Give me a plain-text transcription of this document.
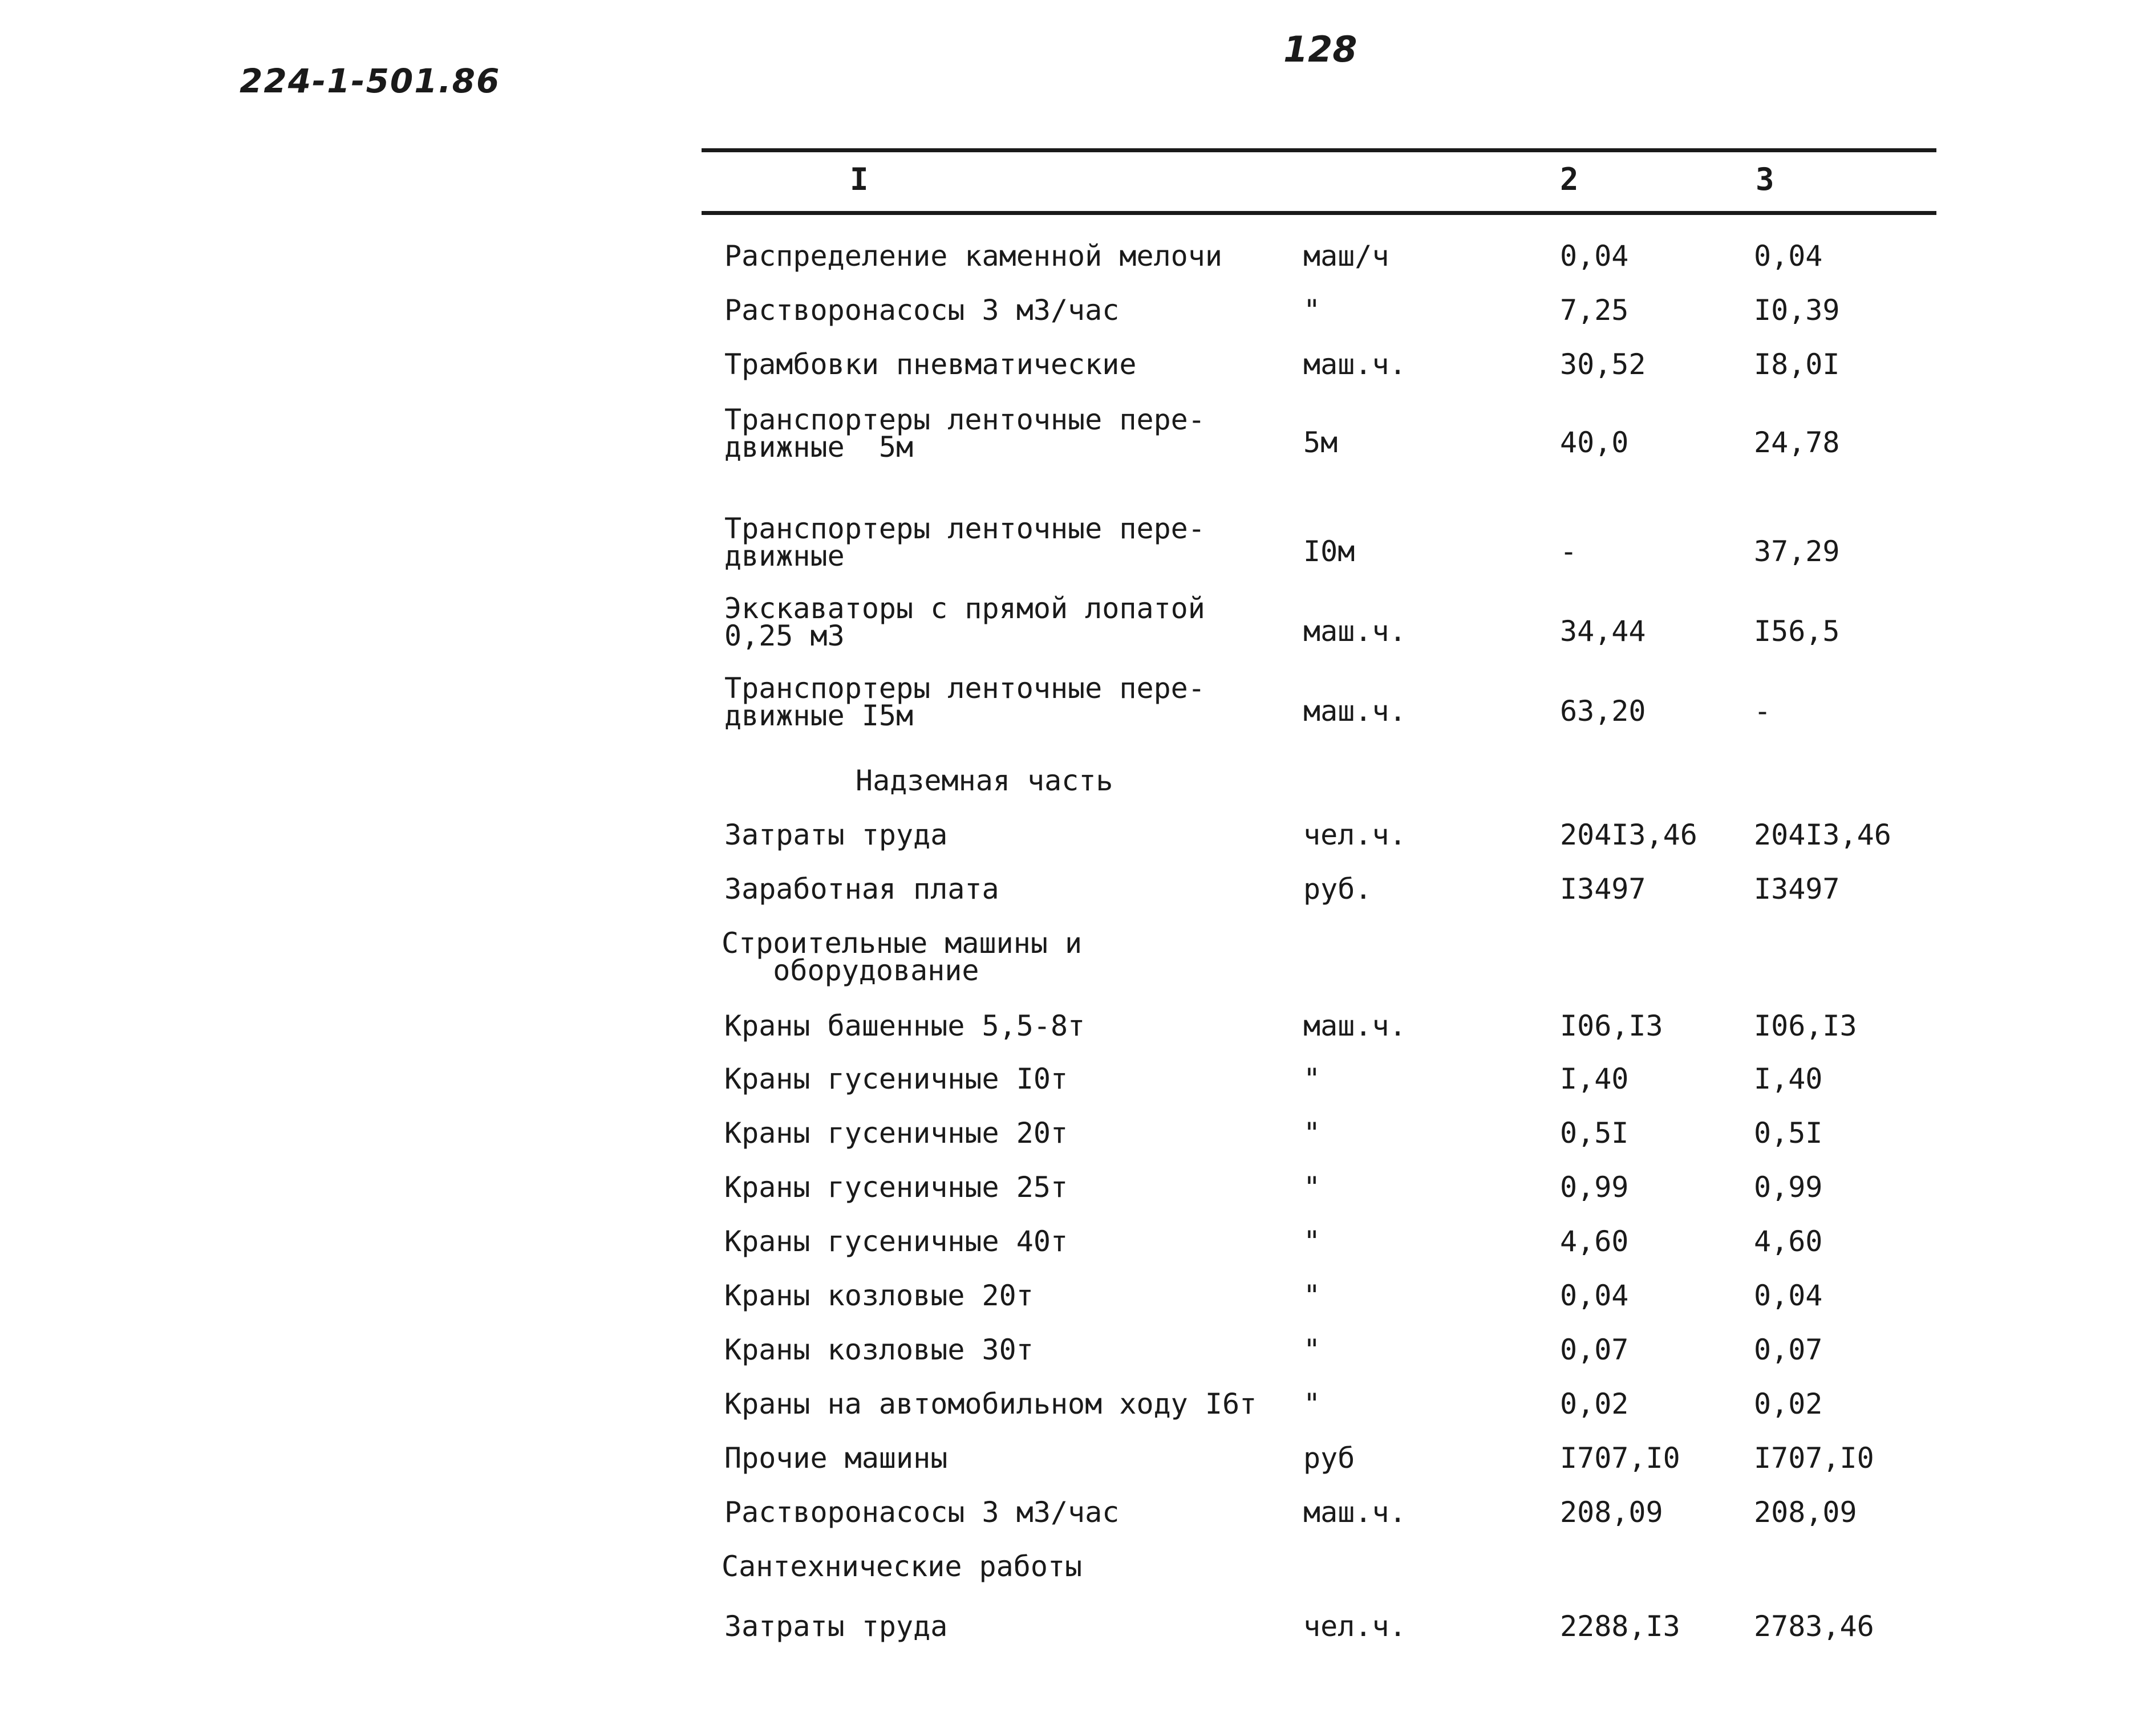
224-1-501.86
128
I	2	3
Распределение каменной мелочи	маш/ч	0,04	0,04
Растворонасосы 3 м3/час	"	7,25	I0,39
Трамбовки пневматические	маш.ч.	30,52	I8,0I
Транспортеры ленточные пере-
движные  5м	5м	40,0	24,78
Транспортеры ленточные пере-
движные	I0м	-	37,29
Экскаваторы с прямой лопатой
0,25 м3	маш.ч.	34,44	I56,5
Транспортеры ленточные пере-
движные I5м	маш.ч.	63,20	-
Надземная часть
Затраты труда	чел.ч.	204I3,46 204I3,46
Заработная плата	руб.	I3497	I3497
Строительные машины и
оборудование
Краны башенные 5,5-8т	маш.ч.	I06,I3	I06,I3
Краны гусеничные I0т	"	I,40	I,40
Краны гусеничные 20т	"	0,5I	0,5I
Краны гусеничные 25т	"	0,99	0,99
Краны гусеничные 40т	"	4,60	4,60
Краны козловые 20т	"	0,04	0,04
Краны козловые 30т	"	0,07	0,07
Краны на автомобильном ходу I6т "	0,02	0,02
Прочие машины	руб	I707,I0	I707,I0
Растворонасосы 3 м3/час	маш.ч.	208,09	208,09
Сантехнические работы
Затраты труда	чел.ч.	2288,I3	2783,46
